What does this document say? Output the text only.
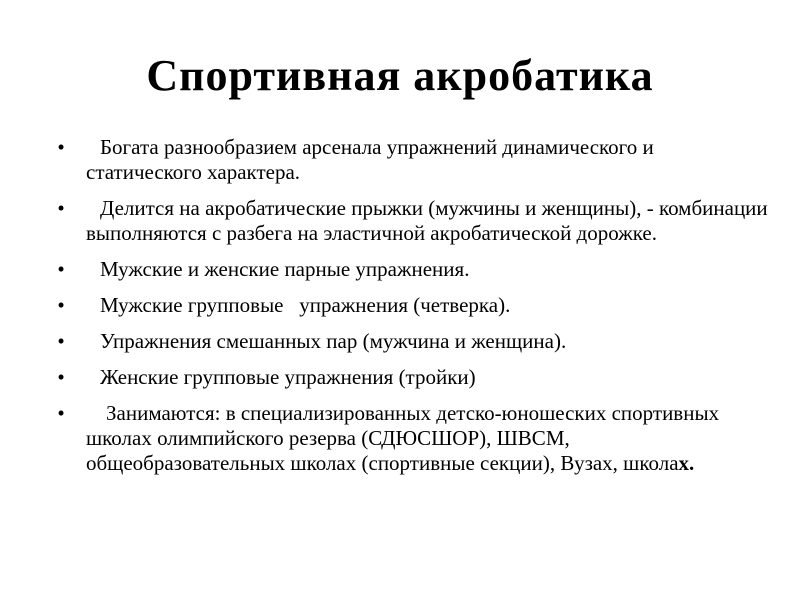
Спортивная акробатика
• Богата разнообразием арсенала упражнений динамического и статического характера.
• Делится на акробатические прыжки (мужчины и женщины), - комбинации выполняются с разбега на эластичной акробатической дорожке.
• Мужские и женские парные упражнения.
• Мужские групповые   упражнения (четверка).
• Упражнения смешанных пар (мужчина и женщина).
• Женские групповые упражнения (тройки)
• Занимаются: в специализированных детско-юношеских спортивных школах олимпийского резерва (СДЮСШОР), ШВСМ, общеобразовательных школах (спортивные секции), Вузах, школах.
